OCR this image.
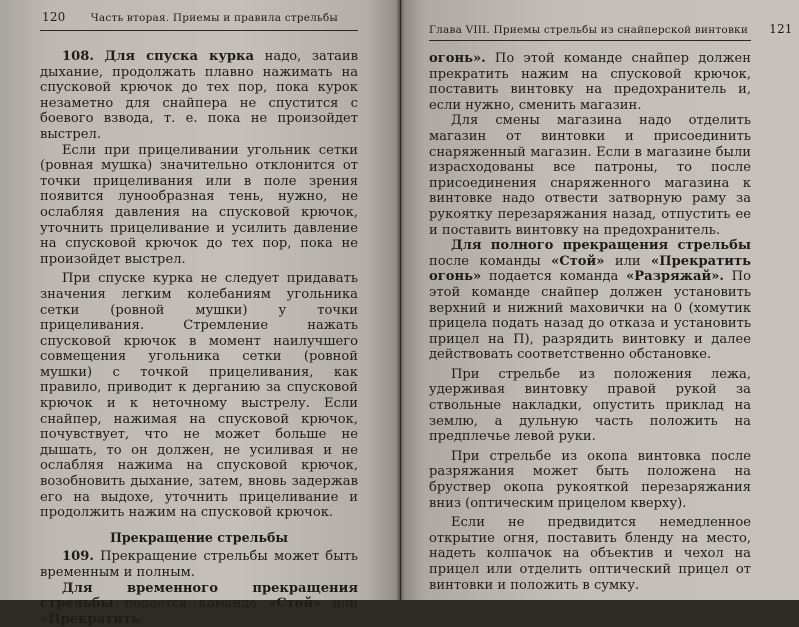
120 Часть вторая. Приемы и правила стрельбы

108. Для спуска курка надо, затаив дыхание, продолжать плавно нажимать на спусковой крючок до тех пор, пока курок незаметно для снайпера не спустится с боевого взвода, т. е. пока не произойдет выстрел.

Если при прицеливании угольник сетки (ровная мушка) значительно отклонится от точки прицеливания или в поле зрения появится лунообразная тень, нужно, не ослабляя давления на спусковой крючок, уточнить прицеливание и усилить давление на спусковой крючок до тех пор, пока не произойдет выстрел.

При спуске курка не следует придавать значения легким колебаниям угольника сетки (ровной мушки) у точки прицеливания. Стремление нажать спусковой крючок в момент наилучшего совмещения угольника сетки (ровной мушки) с точкой прицеливания, как правило, приводит к дерганию за спусковой крючок и к неточному выстрелу. Если снайпер, нажимая на спусковой крючок, почувствует, что не может больше не дышать, то он должен, не усиливая и не ослабляя нажима на спусковой крючок, возобновить дыхание, затем, вновь задержав его на выдохе, уточнить прицеливание и продолжить нажим на спусковой крючок.

Прекращение стрельбы

109. Прекращение стрельбы может быть временным и полным.

Для временного прекращения стрельбы подается команда «Стой» или «Прекратить

Глава VIII. Приемы стрельбы из снайперской винтовки 121

огонь». По этой команде снайпер должен прекратить нажим на спусковой крючок, поставить винтовку на предохранитель и, если нужно, сменить магазин.

Для смены магазина надо отделить магазин от винтовки и присоединить снаряженный магазин. Если в магазине были израсходованы все патроны, то после присоединения снаряженного магазина к винтовке надо отвести затворную раму за рукоятку перезаряжания назад, отпустить ее и поставить винтовку на предохранитель.

Для полного прекращения стрельбы после команды «Стой» или «Прекратить огонь» подается команда «Разряжай». По этой команде снайпер должен установить верхний и нижний маховички на 0 (хомутик прицела подать назад до отказа и установить прицел на П), разрядить винтовку и далее действовать соответственно обстановке.

При стрельбе из положения лежа, удерживая винтовку правой рукой за ствольные накладки, опустить приклад на землю, а дульную часть положить на предплечье левой руки.

При стрельбе из окопа винтовка после разряжания может быть положена на бруствер окопа рукояткой перезаряжания вниз (оптическим прицелом кверху).

Если не предвидится немедленное открытие огня, поставить бленду на место, надеть колпачок на объектив и чехол на прицел или отделить оптический прицел от винтовки и положить в сумку.
